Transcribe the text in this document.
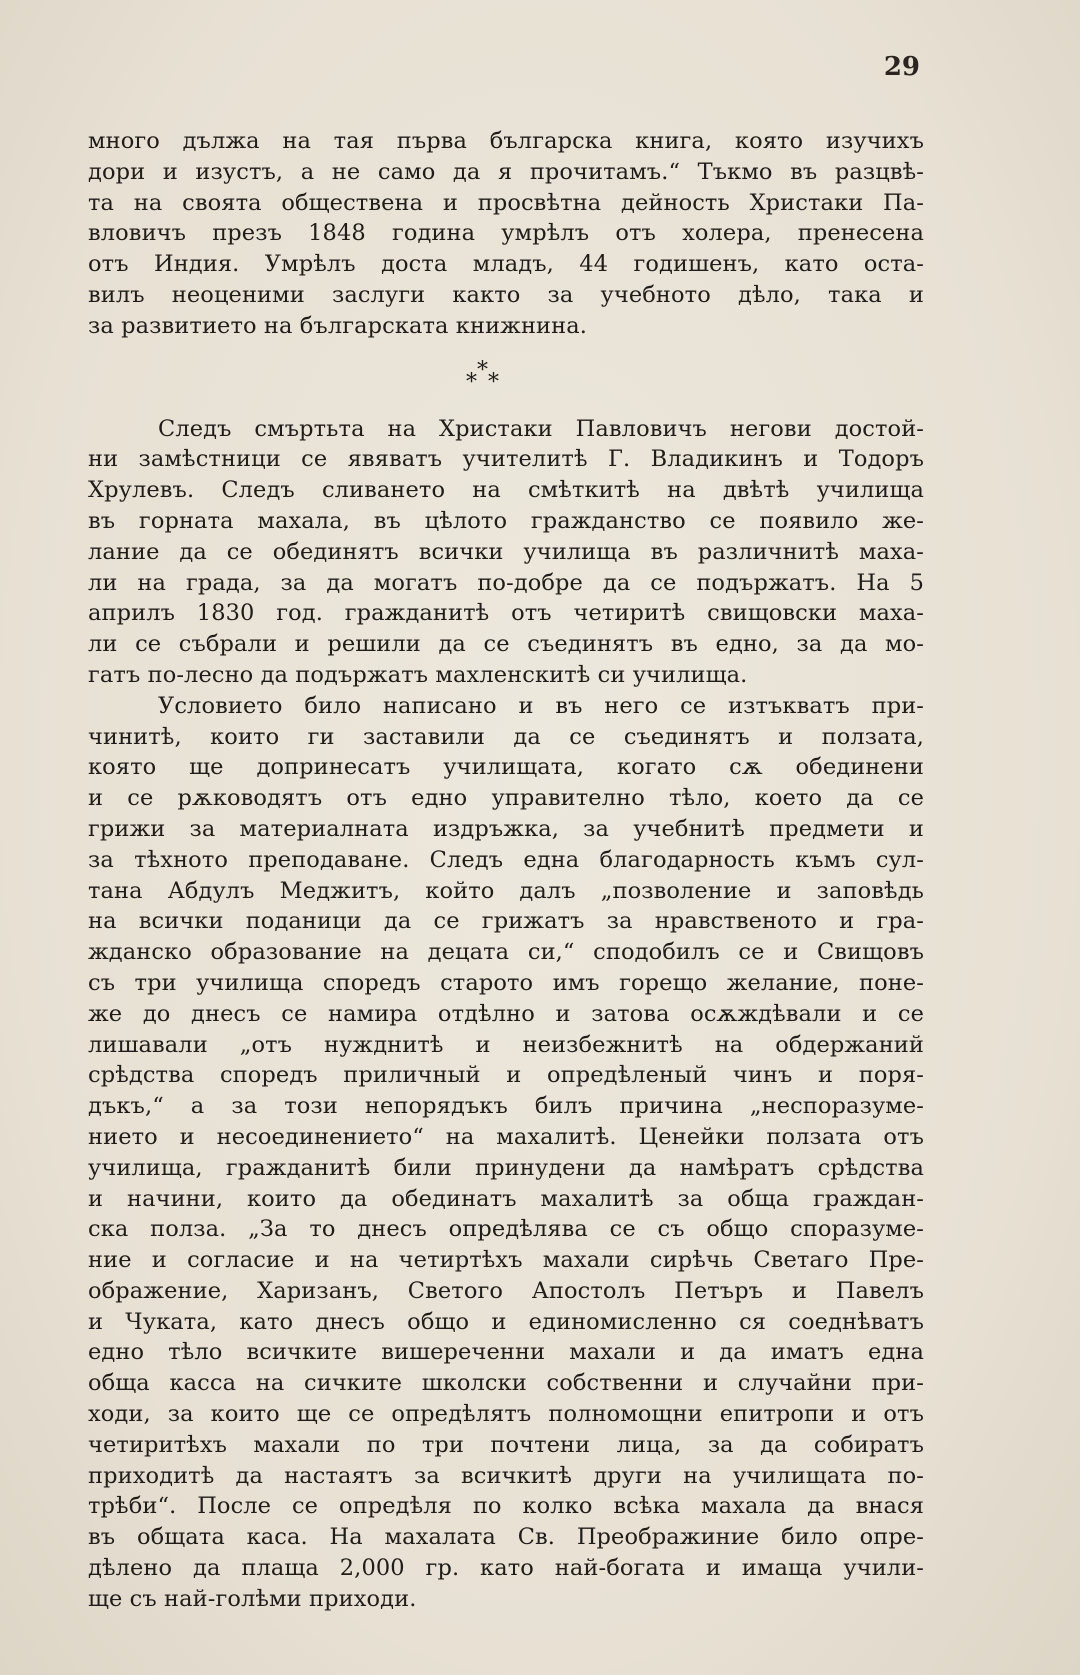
29
много дължа на тая първа българска книга, която изучихъ
дори и изустъ, а не само да я прочитамъ.“ Тъкмо въ разцвѣ-
та на своята обществена и просвѣтна дейность Христаки Па-
вловичъ презъ 1848 година умрѣлъ отъ холера, пренесена
отъ Индия. Умрѣлъ доста младъ, 44 годишенъ, като оста-
вилъ неоценими заслуги както за учебното дѣло, така и
за развитието на българската книжнина.
*
* *
Следъ смъртьта на Христаки Павловичъ негови достой-
ни замѣстници се явяватъ учителитѣ Г. Владикинъ и Тодоръ
Хрулевъ. Следъ сливането на смѣткитѣ на двѣтѣ училища
въ горната махала, въ цѣлото гражданство се появило же-
лание да се обединятъ всички училища въ различнитѣ маха-
ли на града, за да могатъ по-добре да се подържатъ. На 5
априлъ 1830 год. гражданитѣ отъ четиритѣ свищовски маха-
ли се събрали и решили да се съединятъ въ едно, за да мо-
гатъ по-лесно да подържатъ махленскитѣ си училища.
Условието било написано и въ него се изтъкватъ при-
чинитѣ, които ги заставили да се съединятъ и ползата,
която ще допринесатъ училищата, когато сѫ обединени
и се рѫководятъ отъ едно управително тѣло, което да се
грижи за материалната издръжка, за учебнитѣ предмети и
за тѣхното преподаване. Следъ една благодарность къмъ сул-
тана Абдулъ Меджитъ, който далъ „позволение и заповѣдь
на всички поданици да се грижатъ за нравственото и гра-
жданско образование на децата си,“ сподобилъ се и Свищовъ
съ три училища споредъ старото имъ горещо желание, поне-
же до днесъ се намира отдѣлно и затова осѫждѣвали и се
лишавали „отъ нужднитѣ и неизбежнитѣ на обдержаний
срѣдства споредъ приличный и опредѣленый чинъ и поря-
дъкъ,“ а за този непорядъкъ билъ причина „неспоразуме-
нието и несоединението“ на махалитѣ. Ценейки ползата отъ
училища, гражданитѣ били принудени да намѣратъ срѣдства
и начини, които да обединатъ махалитѣ за обща граждан-
ска полза. „За то днесъ опредѣлява се съ общо споразуме-
ние и согласие и на четиртѣхъ махали сирѣчь Светаго Пре-
ображение, Харизанъ, Светого Апостолъ Петъръ и Павелъ
и Чуката, като днесъ общо и единомисленно ся соеднѣватъ
едно тѣло всичките вишереченни махали и да иматъ една
обща касса на сичките школски собственни и случайни при-
ходи, за които ще се опредѣлятъ полномощни епитропи и отъ
четиритѣхъ махали по три почтени лица, за да собиратъ
приходитѣ да настаятъ за всичкитѣ други на училищата по-
трѣби“. После се опредѣля по колко всѣка махала да внася
въ общата каса. На махалата Св. Преображиние било опре-
дѣлено да плаща 2,000 гр. като най-богата и имаща учили-
ще съ най-голѣми приходи.
